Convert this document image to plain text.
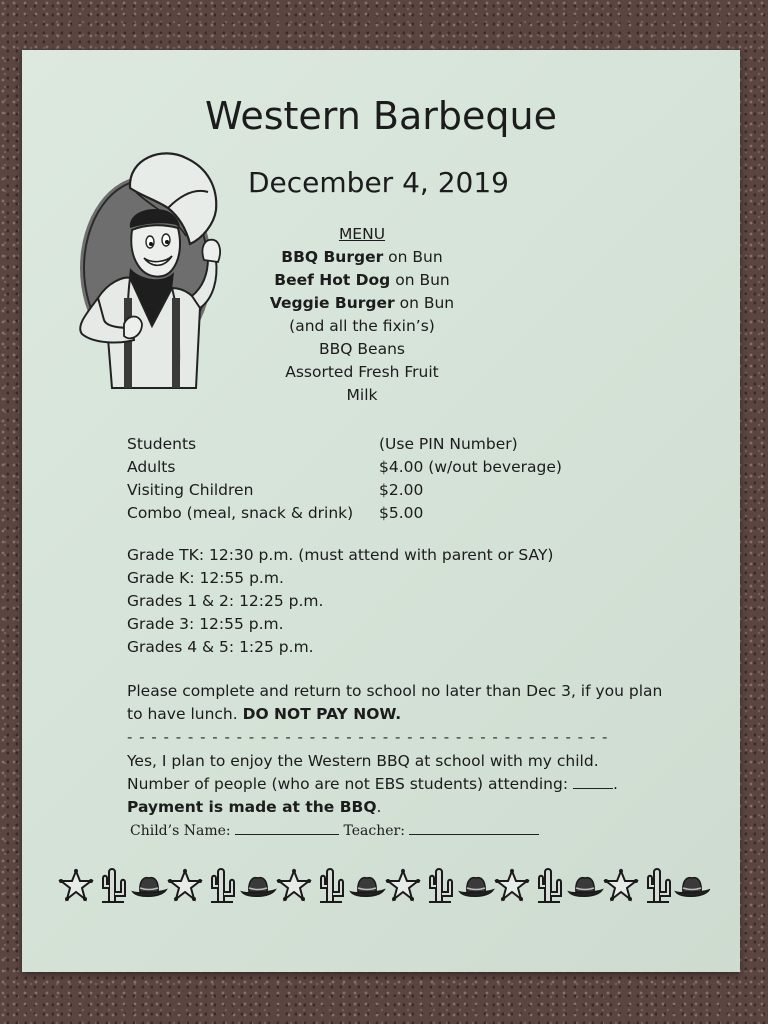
Western Barbeque
December 4, 2019
MENU
BBQ Burger on Bun
Beef Hot Dog on Bun
Veggie Burger on Bun
(and all the fixin’s)
BBQ Beans
Assorted Fresh Fruit
Milk
Students	(Use PIN Number)
Adults	$4.00 (w/out beverage)
Visiting Children	$2.00
Combo (meal, snack & drink) $5.00
Grade TK: 12:30 p.m. (must attend with parent or SAY)
Grade K: 12:55 p.m.
Grades 1 & 2: 12:25 p.m.
Grade 3: 12:55 p.m.
Grades 4 & 5: 1:25 p.m.
Please complete and return to school no later than Dec 3, if you plan
to have lunch. DO NOT PAY NOW.
- - - - - - - - - - - - - - - - - - - - - - - - - - - - - - - - - - - - - - - -
Yes, I plan to enjoy the Western BBQ at school with my child.
Number of people (who are not EBS students) attending:	.
Payment is made at the BBQ.
Child’s Name:	Teacher:
